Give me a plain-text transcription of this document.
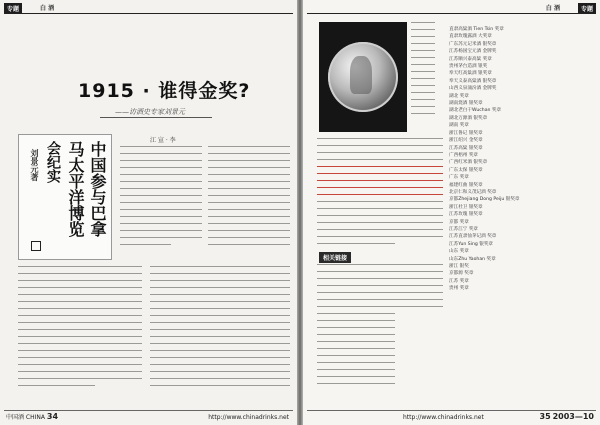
专题	白 酒
1915 · 谁得金奖?
——访酒史专家刘景元
中国参与巴拿
马太平洋博览
会纪实
刘景元著
江 宣 · 李
中国酒 CHINA 34	http://www.chinadrinks.net
白 酒	专题
相关链接
直隶高粱酒 Tien Tsin 奖章
直隶玫瑰露酒 大奖章
广东苏元记米酒 银奖章
江苏杨国宝元酒 金牌奖
江苏顺兴泰高粱 奖章
贵州茅台造酒 银奖
奉天红高粱酒 银奖章
奉天义泰高粱酒 银奖章
山西义泉涌汾酒 金牌奖
湖北 奖章
湖南烧酒 银奖章
湖北老白干Wuchan 奖章
湖北万源酒 银奖章
湖南 奖章
浙江鲁记 银奖章
浙江绍兴 金奖章
江苏高粱 银奖章
广西梧州 奖章
广西红米酒 银奖章
广东太保 银奖章
广东 奖章
福建红曲 银奖章
北京仁和义茂记酒 奖章
京都Zhejiang Dong Peiju 银奖章
浙江杜卫 银奖章
江苏玫瑰 银奖章
京都 奖章
江苏江宁 奖章
江苏直隶仙茅记酒 奖章
江苏Yun Sing 银奖章
山东 奖章
山东Zhu Yaohan 奖章
浙江 银奖
京都源 奖章
江苏 奖章
贵州 奖章
http://www.chinadrinks.net	35 2003—10
